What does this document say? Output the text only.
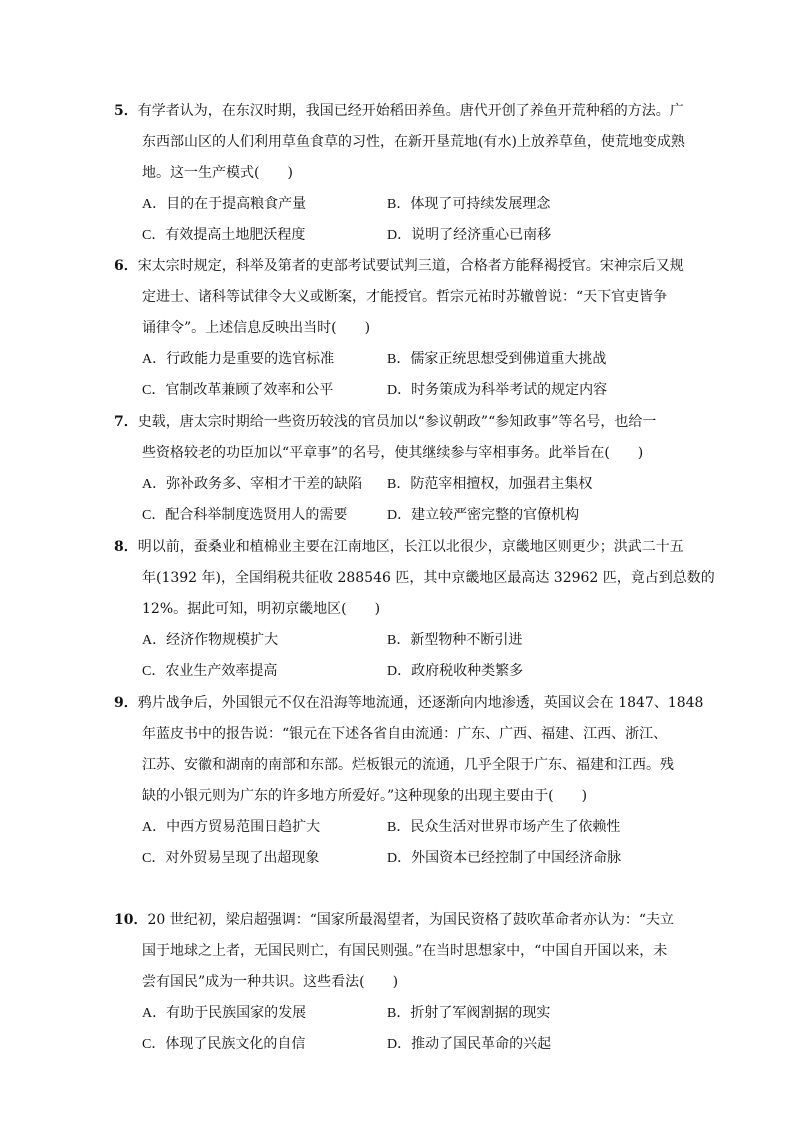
5．有学者认为，在东汉时期，我国已经开始稻田养鱼。唐代开创了养鱼开荒种稻的方法。广
东西部山区的人们利用草鱼食草的习性，在新开垦荒地(有水)上放养草鱼，使荒地变成熟
地。这一生产模式(　　)
A．目的在于提高粮食产量	B．体现了可持续发展理念
C．有效提高土地肥沃程度	D．说明了经济重心已南移
6．宋太宗时规定，科举及第者的吏部考试要试判三道，合格者方能释褐授官。宋神宗后又规
定进士、诸科等试律令大义或断案，才能授官。哲宗元祐时苏辙曾说：“天下官吏皆争
诵律令”。上述信息反映出当时(　　)
A．行政能力是重要的选官标准	B．儒家正统思想受到佛道重大挑战
C．官制改革兼顾了效率和公平	D．时务策成为科举考试的规定内容
7．史载，唐太宗时期给一些资历较浅的官员加以“参议朝政”“参知政事”等名号，也给一
些资格较老的功臣加以“平章事”的名号，使其继续参与宰相事务。此举旨在(　　)
A．弥补政务多、宰相才干差的缺陷	B．防范宰相擅权，加强君主集权
C．配合科举制度选贤用人的需要	D．建立较严密完整的官僚机构
8．明以前，蚕桑业和植棉业主要在江南地区，长江以北很少，京畿地区则更少；洪武二十五
年(1392 年)，全国绢税共征收 288546 匹，其中京畿地区最高达 32962 匹，竟占到总数的
12%。据此可知，明初京畿地区(　　)
A．经济作物规模扩大	B．新型物种不断引进
C．农业生产效率提高	D．政府税收种类繁多
9．鸦片战争后，外国银元不仅在沿海等地流通，还逐渐向内地渗透，英国议会在 1847、1848
年蓝皮书中的报告说：“银元在下述各省自由流通：广东、广西、福建、江西、浙江、
江苏、安徽和湖南的南部和东部。烂板银元的流通，几乎全限于广东、福建和江西。残
缺的小银元则为广东的许多地方所爱好。”这种现象的出现主要由于(　　)
A．中西方贸易范围日趋扩大	B．民众生活对世界市场产生了依赖性
C．对外贸易呈现了出超现象	D．外国资本已经控制了中国经济命脉
10．20 世纪初，梁启超强调：“国家所最渴望者，为国民资格了鼓吹革命者亦认为：“夫立
国于地球之上者，无国民则亡，有国民则强。”在当时思想家中，“中国自开国以来，未
尝有国民”成为一种共识。这些看法(　　)
A．有助于民族国家的发展	B．折射了军阀割据的现实
C．体现了民族文化的自信	D．推动了国民革命的兴起
